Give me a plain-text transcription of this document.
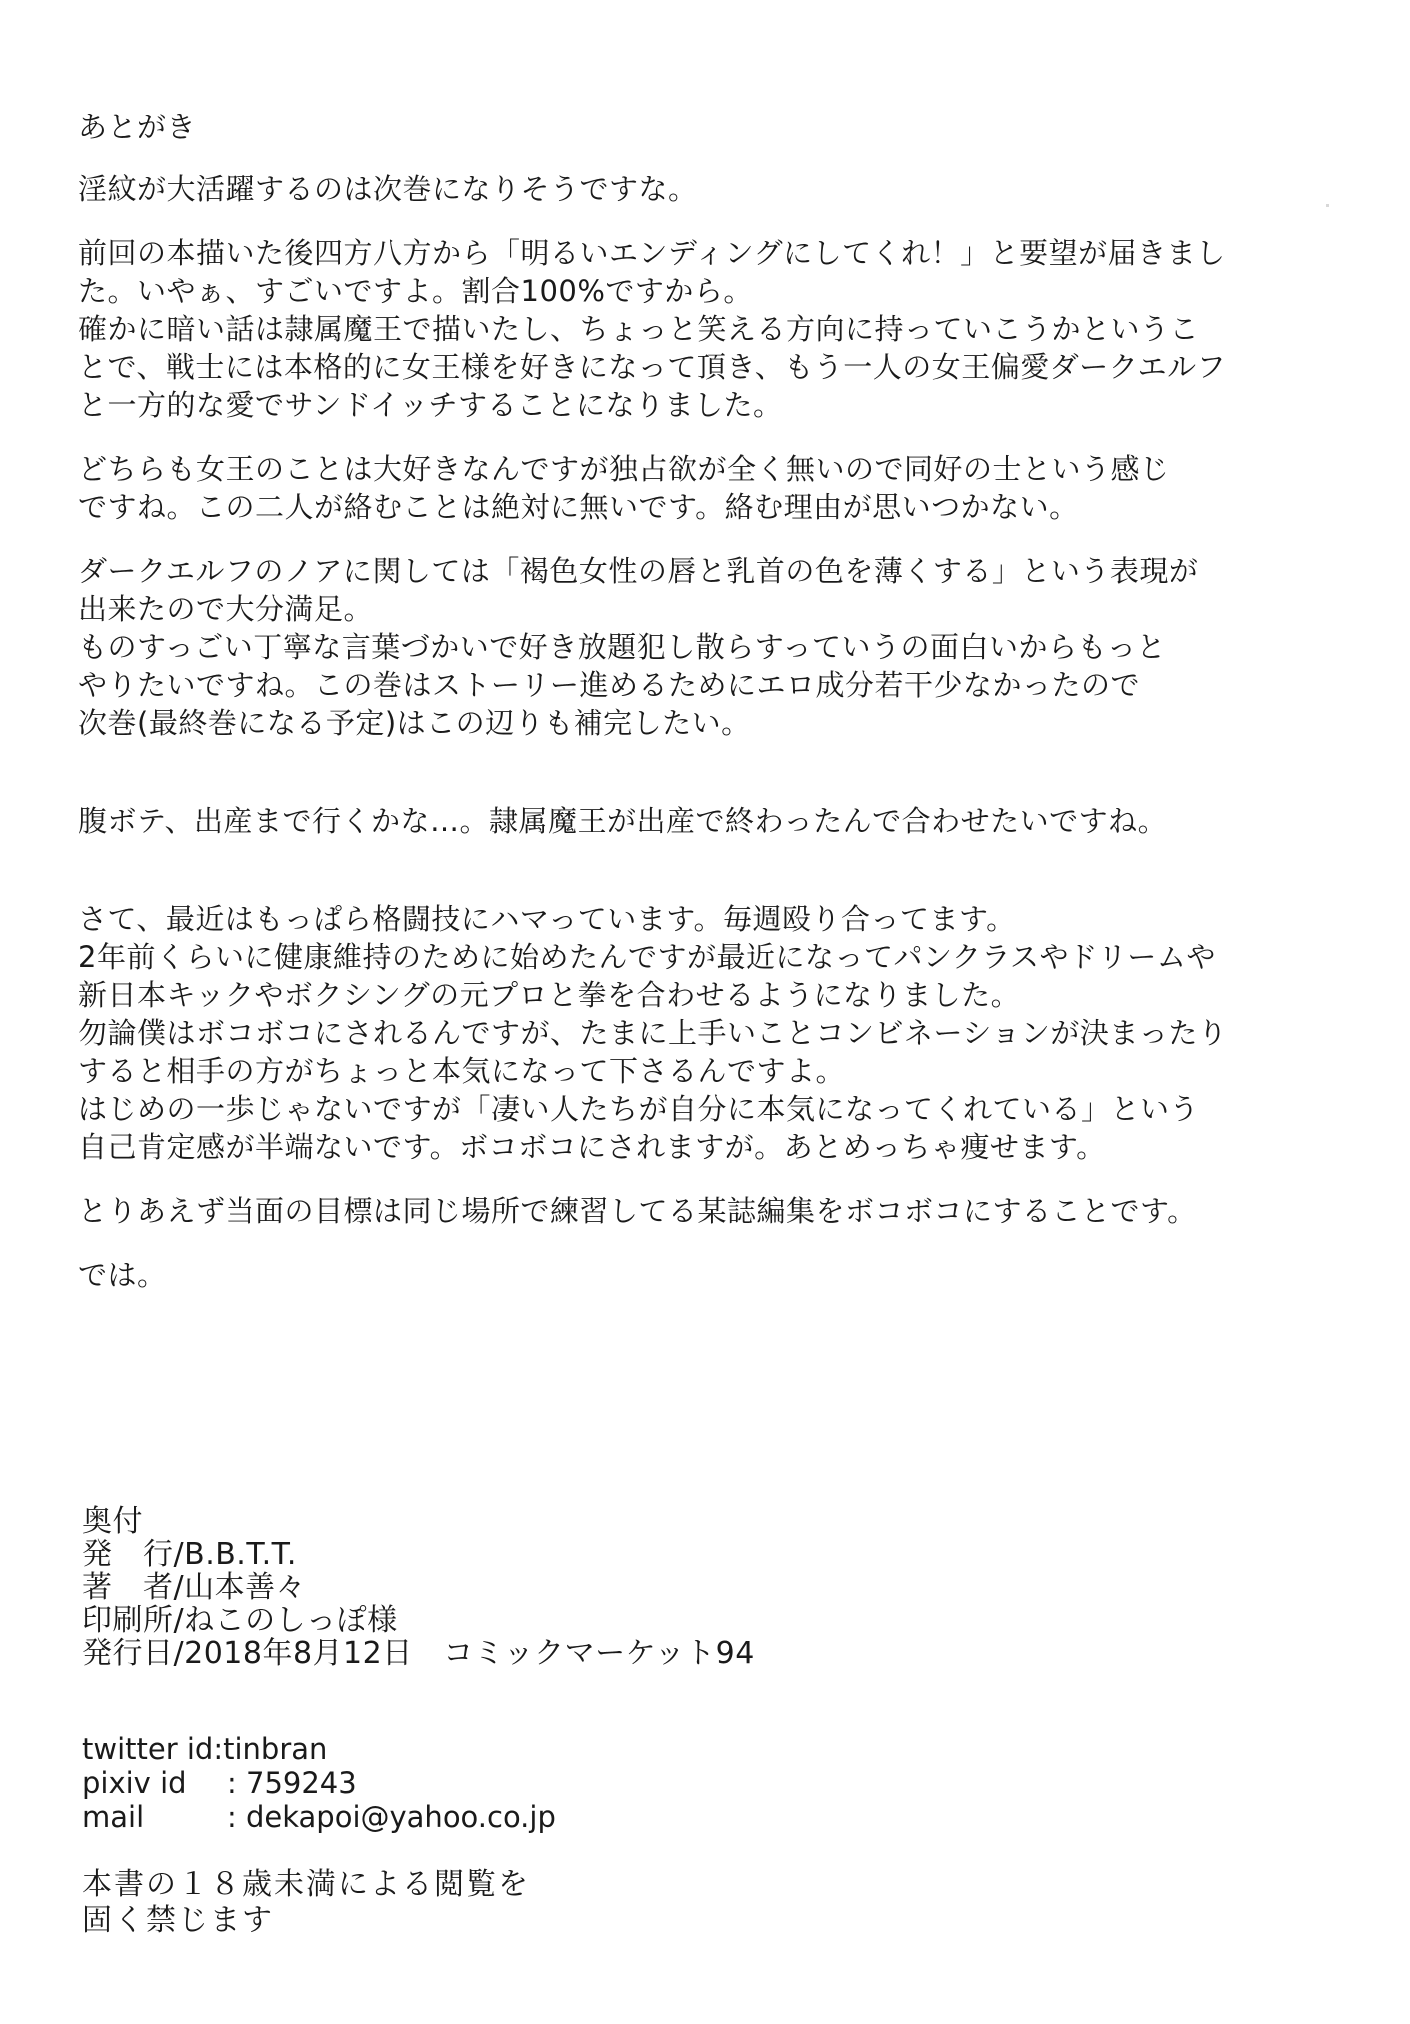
あとがき
淫紋が大活躍するのは次巻になりそうですな。
前回の本描いた後四方八方から「明るいエンディングにしてくれ！」と要望が届きまし
た。いやぁ、すごいですよ。割合100%ですから。
確かに暗い話は隷属魔王で描いたし、ちょっと笑える方向に持っていこうかというこ
とで、戦士には本格的に女王様を好きになって頂き、もう一人の女王偏愛ダークエルフ
と一方的な愛でサンドイッチすることになりました。
どちらも女王のことは大好きなんですが独占欲が全く無いので同好の士という感じ
ですね。この二人が絡むことは絶対に無いです。絡む理由が思いつかない。
ダークエルフのノアに関しては「褐色女性の唇と乳首の色を薄くする」という表現が
出来たので大分満足。
ものすっごい丁寧な言葉づかいで好き放題犯し散らすっていうの面白いからもっと
やりたいですね。この巻はストーリー進めるためにエロ成分若干少なかったので
次巻(最終巻になる予定)はこの辺りも補完したい。
腹ボテ、出産まで行くかな…。隷属魔王が出産で終わったんで合わせたいですね。
さて、最近はもっぱら格闘技にハマっています。毎週殴り合ってます。
2年前くらいに健康維持のために始めたんですが最近になってパンクラスやドリームや
新日本キックやボクシングの元プロと拳を合わせるようになりました。
勿論僕はボコボコにされるんですが、たまに上手いことコンビネーションが決まったり
すると相手の方がちょっと本気になって下さるんですよ。
はじめの一歩じゃないですが「凄い人たちが自分に本気になってくれている」という
自己肯定感が半端ないです。ボコボコにされますが。あとめっちゃ痩せます。
とりあえず当面の目標は同じ場所で練習してる某誌編集をボコボコにすることです。
では。
奥付
発　行/B.B.T.T.
著　者/山本善々
印刷所/ねこのしっぽ様
発行日/2018年8月12日　コミックマーケット94
twitter id:tinbran
pixiv id	: 759243
mail	: dekapoi@yahoo.co.jp
本書の１８歳未満による閲覧を
固く禁じます
